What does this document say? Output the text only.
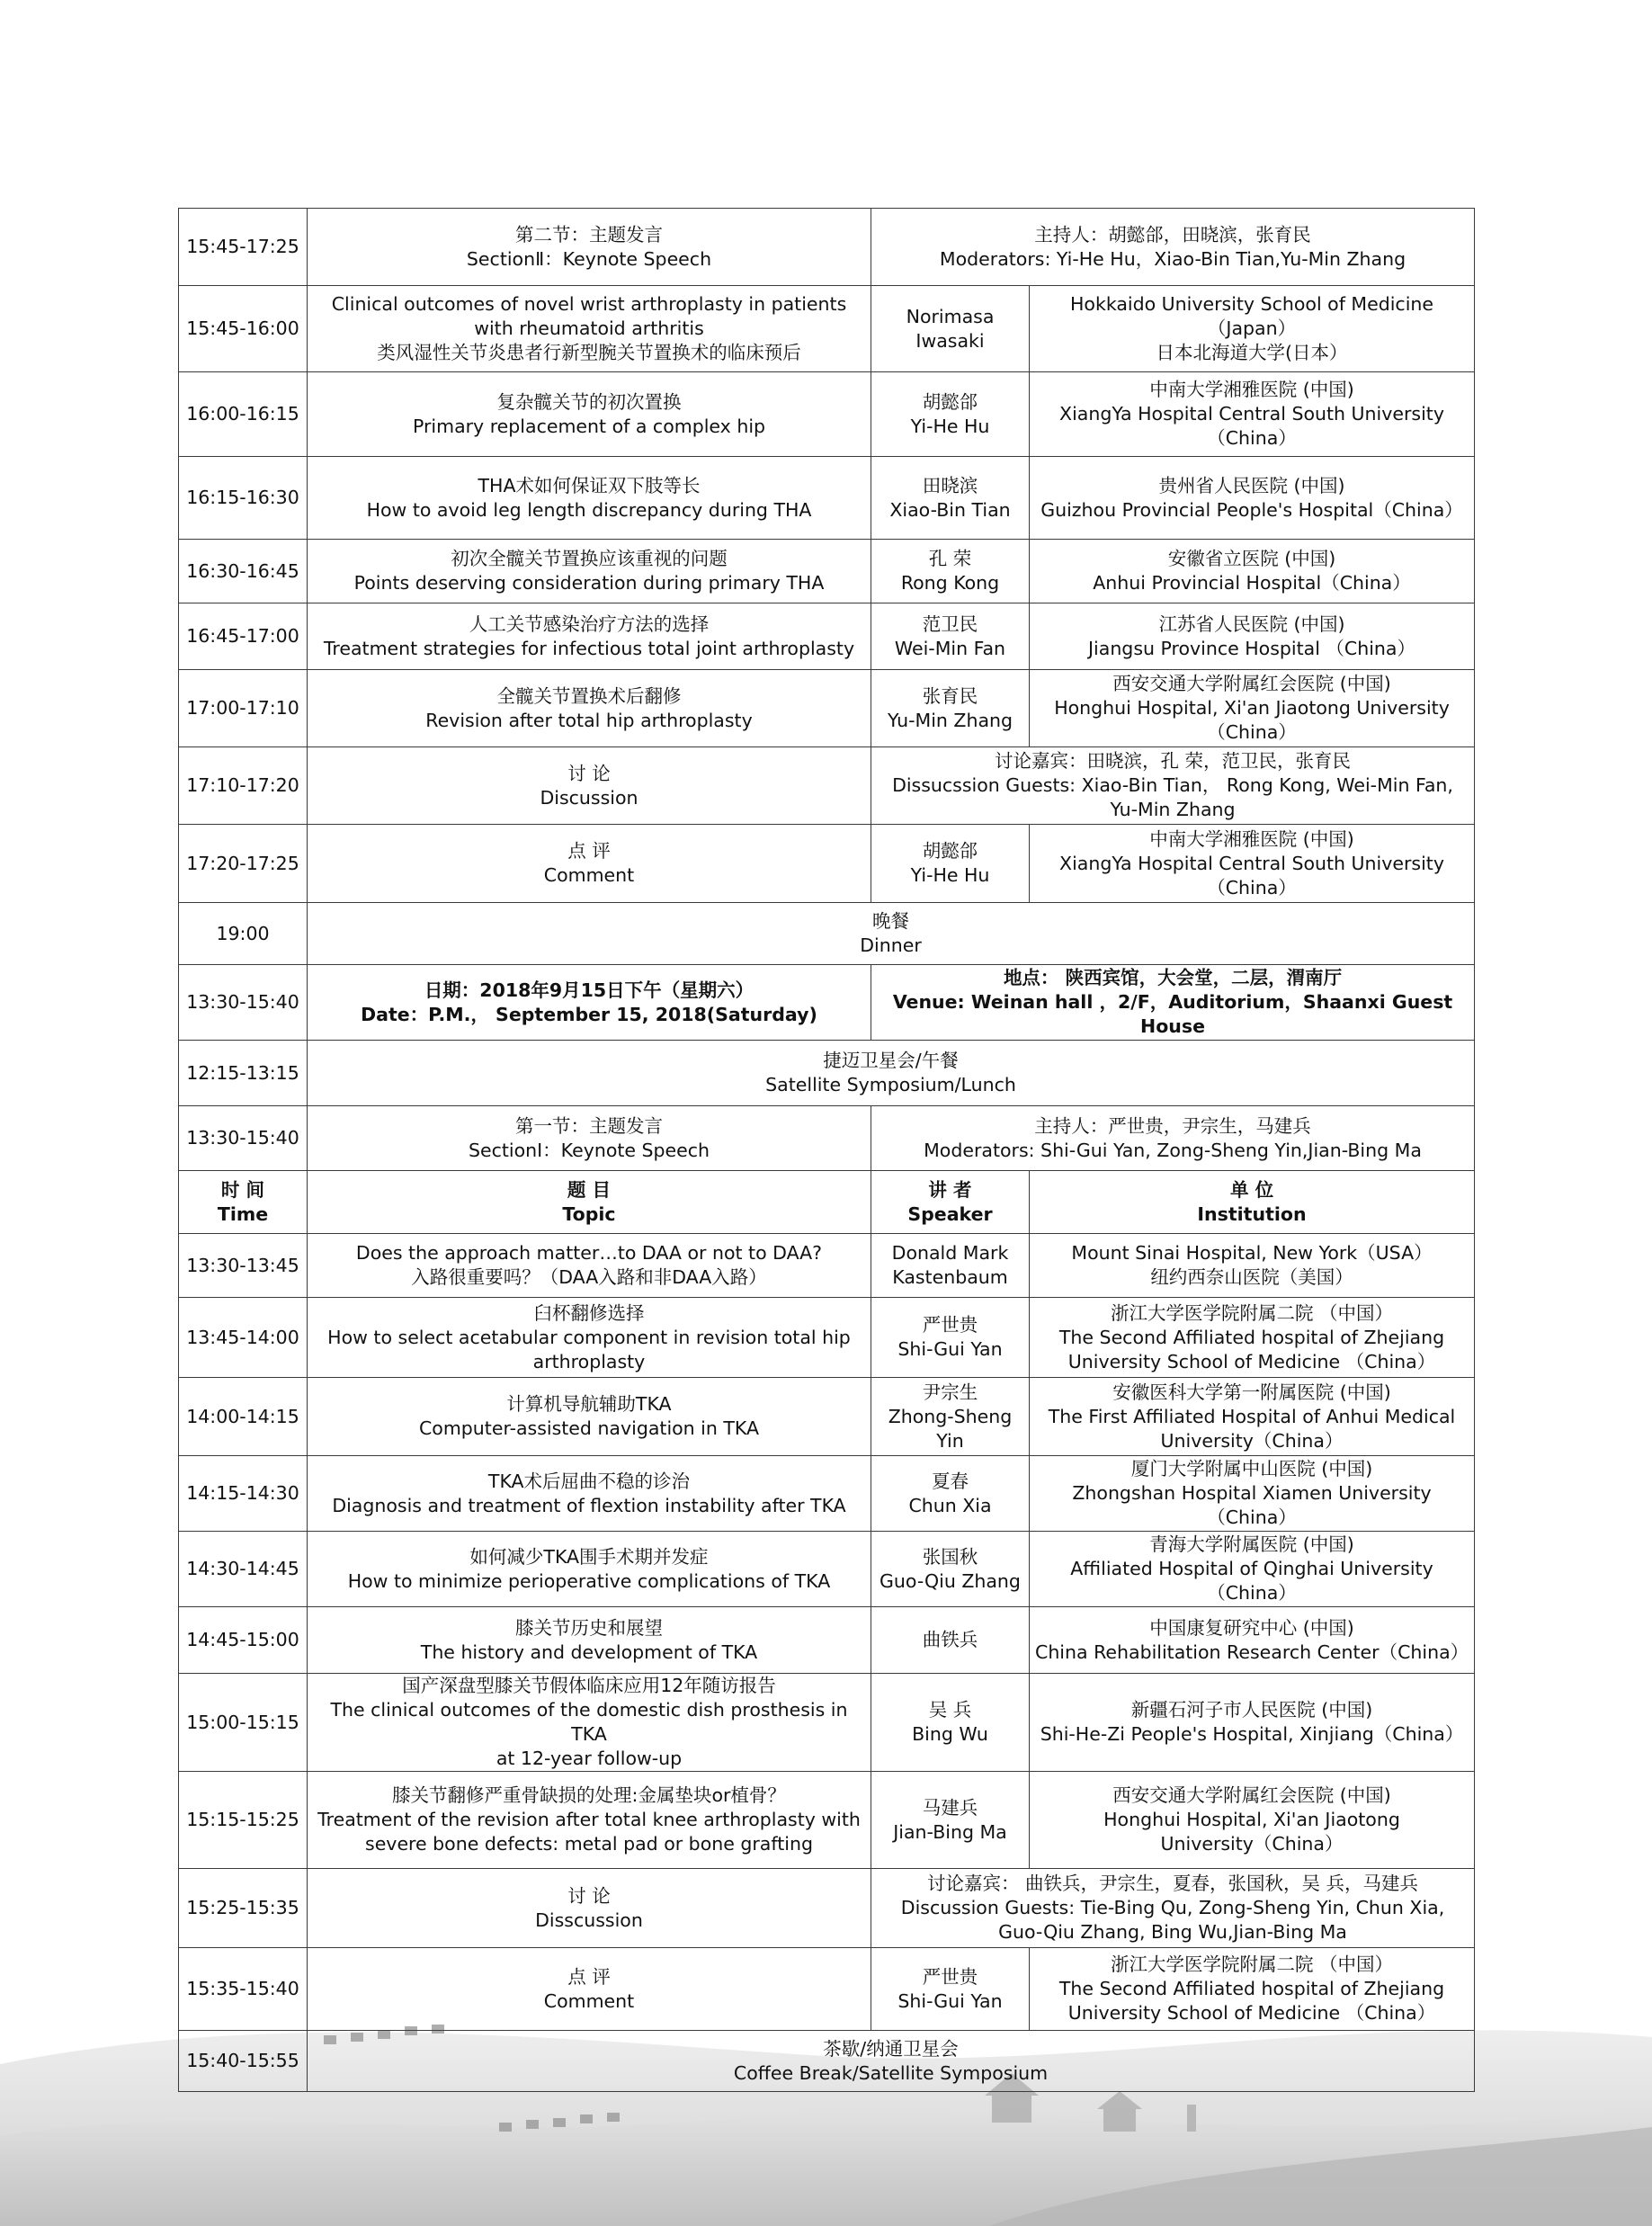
15:45-17:25	第二节：主题发言
SectionⅡ：Keynote Speech	主持人：胡懿郃，田晓滨，张育民
Moderators: Yi-He Hu，Xiao-Bin Tian,Yu-Min Zhang	

15:45-16:00	Clinical outcomes of novel wrist arthroplasty in patients with rheumatoid arthritis
类风湿性关节炎患者行新型腕关节置换术的临床预后	Norimasa
Iwasaki	Hokkaido University School of Medicine
（Japan）
日本北海道大学(日本）

16:00-16:15	复杂髋关节的初次置换
Primary replacement of a complex hip	胡懿郃
Yi-He Hu	中南大学湘雅医院 (中国)
XiangYa Hospital Central South University
（China）

16:15-16:30	THA术如何保证双下肢等长
How to avoid leg length discrepancy during THA	田晓滨
Xiao-Bin Tian	贵州省人民医院 (中国)
Guizhou Provincial People's Hospital（China）

16:30-16:45	初次全髋关节置换应该重视的问题
Points deserving consideration during primary THA	孔 荣
Rong Kong	安徽省立医院 (中国)
Anhui Provincial Hospital（China）

16:45-17:00	人工关节感染治疗方法的选择
Treatment strategies for infectious total joint arthroplasty	范卫民
Wei-Min Fan	江苏省人民医院 (中国)
Jiangsu Province Hospital （China）

17:00-17:10	全髋关节置换术后翻修
Revision after total hip arthroplasty	张育民
Yu-Min Zhang	西安交通大学附属红会医院 (中国)
Honghui Hospital, Xi'an Jiaotong University
（China）

17:10-17:20	讨 论
Discussion	讨论嘉宾：田晓滨，孔 荣，范卫民，张育民
Dissucssion Guests: Xiao-Bin Tian， Rong Kong, Wei-Min Fan,
Yu-Min Zhang	

17:20-17:25	点 评
Comment	胡懿郃
Yi-He Hu	中南大学湘雅医院 (中国)
XiangYa Hospital Central South University
（China）

19:00	晚餐
Dinner		

13:30-15:40	日期：2018年9月15日下午（星期六）
Date：P.M.， September 15, 2018(Saturday)	地点： 陕西宾馆，大会堂，二层，渭南厅
Venue: Weinan hall ，2/F，Auditorium，Shaanxi Guest House	

12:15-13:15	捷迈卫星会/午餐
Satellite Symposium/Lunch		

13:30-15:40	第一节：主题发言
SectionⅠ：Keynote Speech	主持人：严世贵，尹宗生，马建兵
Moderators: Shi-Gui Yan, Zong-Sheng Yin,Jian-Bing Ma	

时 间
Time	题 目
Topic	讲 者
Speaker	单 位
Institution

13:30-13:45	Does the approach matter…to DAA or not to DAA?
入路很重要吗？（DAA入路和非DAA入路）	Donald Mark
Kastenbaum	Mount Sinai Hospital, New York（USA）
纽约西奈山医院（美国）

13:45-14:00	臼杯翻修选择
How to select acetabular component in revision total hip arthroplasty	严世贵
Shi-Gui Yan	浙江大学医学院附属二院 （中国）
The Second Affiliated hospital of Zhejiang
University School of Medicine （China）

14:00-14:15	计算机导航辅助TKA
Computer-assisted navigation in TKA	尹宗生
Zhong-Sheng
Yin	安徽医科大学第一附属医院 (中国)
The First Affiliated Hospital of Anhui Medical
University（China）

14:15-14:30	TKA术后屈曲不稳的诊治
Diagnosis and treatment of flextion instability after TKA	夏春
Chun Xia	厦门大学附属中山医院 (中国)
Zhongshan Hospital Xiamen University（China）

14:30-14:45	如何减少TKA围手术期并发症
How to minimize perioperative complications of TKA	张国秋
Guo-Qiu Zhang	青海大学附属医院 (中国)
Affiliated Hospital of Qinghai University
（China）

14:45-15:00	膝关节历史和展望
The history and development of TKA	曲铁兵	中国康复研究中心 (中国)
China Rehabilitation Research Center（China）

15:00-15:15	国产深盘型膝关节假体临床应用12年随访报告
The clinical outcomes of the domestic dish prosthesis in TKA
at 12-year follow-up	吴 兵
Bing Wu	新疆石河子市人民医院 (中国)
Shi-He-Zi People's Hospital, Xinjiang（China）

15:15-15:25	膝关节翻修严重骨缺损的处理:金属垫块or植骨？
Treatment of the revision after total knee arthroplasty with
severe bone defects: metal pad or bone grafting	马建兵
Jian-Bing Ma	西安交通大学附属红会医院 (中国)
Honghui Hospital, Xi'an Jiaotong
University（China）

15:25-15:35	讨 论
Disscussion	讨论嘉宾： 曲铁兵，尹宗生，夏春，张国秋，吴 兵，马建兵
Discussion Guests: Tie-Bing Qu, Zong-Sheng Yin, Chun Xia,
Guo-Qiu Zhang, Bing Wu,Jian-Bing Ma	

15:35-15:40	点 评
Comment	严世贵
Shi-Gui Yan	浙江大学医学院附属二院 （中国）
The Second Affiliated hospital of Zhejiang
University School of Medicine （China）

15:40-15:55	茶歇/纳通卫星会
Coffee Break/Satellite Symposium		
